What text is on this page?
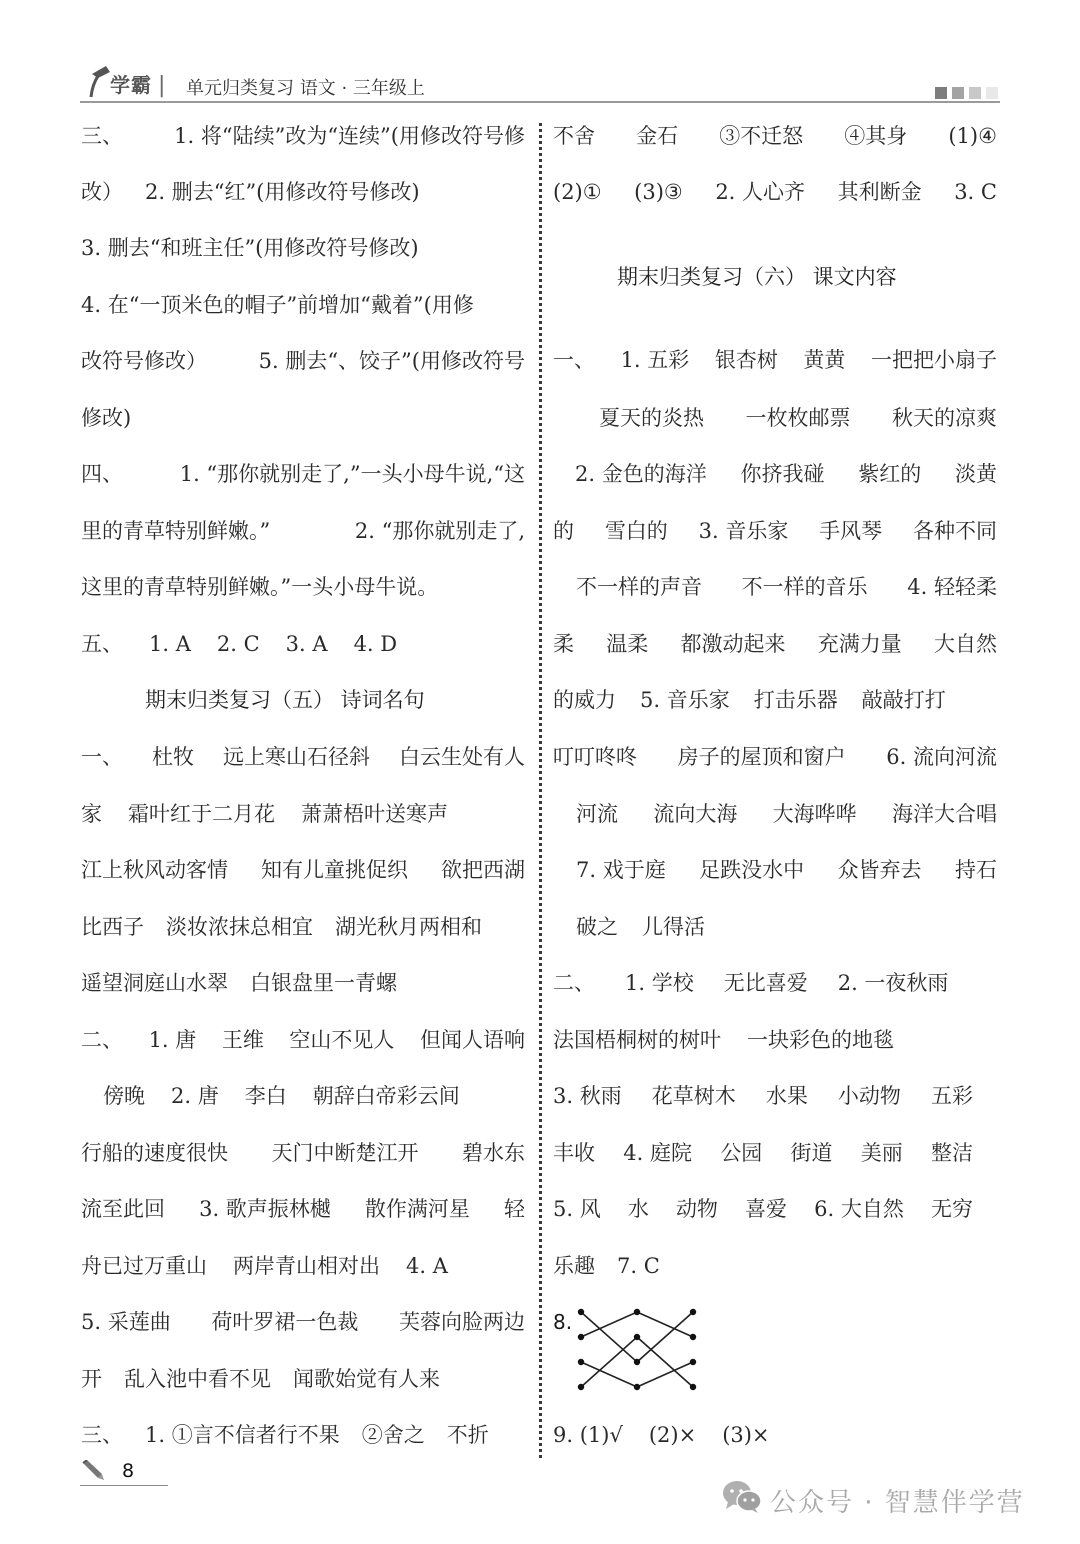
学霸 | 单元归类复习 语文 · 三年级上
三、 1. 将“陆续”改为“连续”(用修改符号修
改） 2. 删去“红”(用修改符号修改)
3. 删去“和班主任”(用修改符号修改)
4. 在“一顶米色的帽子”前增加“戴着”(用修
改符号修改） 5. 删去“、饺子”(用修改符号
修改)
四、	1. “那你就别走了,”一头小母牛说,“这
里的青草特别鲜嫩。”	2. “那你就别走了,
这里的青草特别鲜嫩。”一头小母牛说。
五、 1. A 2. C 3. A 4. D
期末归类复习（五） 诗词名句
一、 杜牧 远上寒山石径斜 白云生处有人
家 霜叶红于二月花 萧萧梧叶送寒声
江上秋风动客情 知有儿童挑促织 欲把西湖
比西子 淡妆浓抹总相宜 湖光秋月两相和
遥望洞庭山水翠 白银盘里一青螺
二、 1. 唐 王维 空山不见人 但闻人语响
傍晚 2. 唐 李白 朝辞白帝彩云间
行船的速度很快 天门中断楚江开 碧水东
流至此回 3. 歌声振林樾 散作满河星 轻
舟已过万重山 两岸青山相对出 4. A
5. 采莲曲 荷叶罗裙一色裁 芙蓉向脸两边
开 乱入池中看不见 闻歌始觉有人来
三、 1. ①言不信者行不果 ②舍之 不折
不舍 金石 ③不迁怒 ④其身 (1)④
(2)① (3)③ 2. 人心齐 其利断金 3. C
期末归类复习（六） 课文内容
一、 1. 五彩 银杏树 黄黄 一把把小扇子
夏天的炎热 一枚枚邮票 秋天的凉爽
2. 金色的海洋 你挤我碰 紫红的 淡黄
的 雪白的 3. 音乐家 手风琴 各种不同
不一样的声音 不一样的音乐 4. 轻轻柔
柔 温柔 都激动起来 充满力量 大自然
的威力 5. 音乐家 打击乐器 敲敲打打
叮叮咚咚 房子的屋顶和窗户 6. 流向河流
河流 流向大海 大海哗哗 海洋大合唱
7. 戏于庭 足跌没水中 众皆弃去 持石
破之 儿得活
二、 1. 学校 无比喜爱 2. 一夜秋雨
法国梧桐树的树叶 一块彩色的地毯
3. 秋雨 花草树木 水果 小动物 五彩
丰收 4. 庭院 公园 街道 美丽 整洁
5. 风 水 动物 喜爱 6. 大自然 无穷
乐趣 7. C
8.
9. (1)√ (2)× (3)×
8
公众号 · 智慧伴学营
